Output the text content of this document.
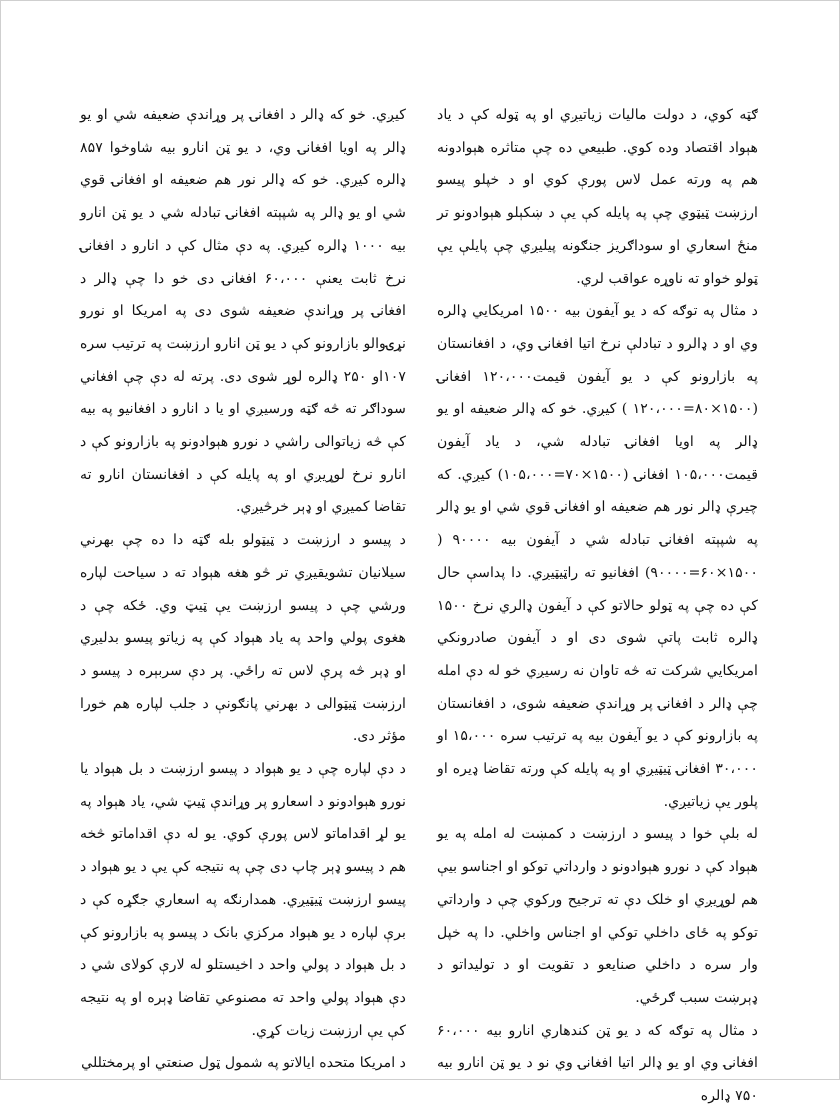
ګټه کوي، د دولت مالیات زیاتیږي او په ټوله کې د یاد هېواد اقتصاد وده کوي. طبیعي ده چې متاثره هېوادونه هم په ورته عمل لاس پورې کوي او د خپلو پیسو ارزښت ټیټوي چې په پایله کې یې د ښکېلو هېوادونو تر منځ اسعاري او سوداګریز جنګونه پیلیږي چې پایلې یې ټولو خواو ته ناوړه عواقب لري.

د مثال په توګه که د یو آیفون بیه ۱۵۰۰ امریکایي ډالره وي او د ډالرو د تبادلې نرخ اتیا افغانۍ وي، د افغانستان په بازارونو کې د یو آیفون قیمت۱۲۰،۰۰۰ افغانۍ (۱۵۰۰×۸۰=۱۲۰،۰۰۰ ) کیږي. خو که ډالر ضعیفه او یو ډالر په اویا افغانۍ تبادله شي، د یاد آیفون قیمت۱۰۵،۰۰۰ افغانۍ (۱۵۰۰×۷۰=۱۰۵،۰۰۰) کیږي. که چیرې ډالر نور هم ضعیفه او افغانۍ قوي شي او یو ډالر په شپېته افغانۍ تبادله شي د آیفون بیه ۹۰۰۰۰ ( ۱۵۰۰×۶۰=۹۰۰۰۰) افغانیو ته راټیټیږي. دا پداسې حال کې ده چې په ټولو حالاتو کې د آیفون ډالري نرخ ۱۵۰۰ ډالره ثابت پاتې شوی دی او د آیفون صادرونکي امریکایي شرکت ته څه تاوان نه رسیږي خو له دې امله چې ډالر د افغانۍ پر وړاندې ضعیفه شوی، د افغانستان په بازارونو کې د یو آیفون بیه په ترتیب سره ۱۵،۰۰۰ او ۳۰،۰۰۰ افغانۍ ټیټیږي او په پایله کې ورته تقاضا ډیره او پلور یې زیاتیږي.

له بلې خوا د پیسو د ارزښت د کمښت له امله په یو هېواد کې د نورو هېوادونو د وارداتي توکو او اجناسو بیې هم لوړیږي او خلک دې ته ترجیح ورکوي چې د وارداتي توکو په ځای داخلي توکي او اجناس واخلي. دا په خپل وار سره د داخلي صنایعو د تقویت او د تولیداتو د ډېرښت سبب ګرځي.

د مثال په توګه که د یو ټن کندهاري انارو بیه ۶۰،۰۰۰ افغانۍ وي او یو ډالر اتیا افغانۍ وي نو د یو ټن انارو بیه ۷۵۰ ډالره

کیږي. خو که ډالر د افغانۍ پر وړاندې ضعیفه شي او یو ډالر په اویا افغانۍ وي، د یو ټن انارو بیه شاوخوا ۸۵۷ ډالره کیږي. خو که ډالر نور هم ضعیفه او افغانۍ قوي شي او یو ډالر په شپېته افغانۍ تبادله شي د یو ټن انارو بیه ۱۰۰۰ ډالره کیږي. په دې مثال کې د انارو د افغانۍ نرخ ثابت یعنې ۶۰،۰۰۰ افغانۍ دی خو دا چې ډالر د افغانۍ پر وړاندې ضعیفه شوی دی په امریکا او نورو نړۍوالو بازارونو کې د یو ټن انارو ارزښت په ترتیب سره ۱۰۷او ۲۵۰ ډالره لوړ شوی دی. پرته له دې چې افغاني سوداګر ته څه ګټه ورسیږي او یا د انارو د افغانیو په بیه کې څه زیاتوالی راشي د نورو هېوادونو په بازارونو کې د انارو نرخ لوړیږي او په پایله کې د افغانستان انارو ته تقاضا کمیږي او ډېر خرڅیږي.

د پیسو د ارزښت د ټیټولو بله ګټه دا ده چې بهرني سیلانیان تشویقیږي تر څو هغه هېواد ته د سیاحت لپاره ورشي چې د پیسو ارزښت یې ټیټ وي. ځکه چې د هغوی پولي واحد په یاد هېواد کې په زیاتو پیسو بدلیږي او ډېر څه پرې لاس ته راځي. پر دې سربېره د پیسو د ارزښت ټیټوالی د بهرني پانګونې د جلب لپاره هم خورا مؤثر دی.

د دې لپاره چې د یو هېواد د پیسو ارزښت د بل هېواد یا نورو هېوادونو د اسعارو پر وړاندې ټیټ شي، یاد هېواد په یو لړ اقداماتو لاس پورې کوي. یو له دې اقداماتو څخه هم د پیسو ډېر چاپ دی چې په نتیجه کې یې د یو هېواد د پیسو ارزښت ټیټیږي. همدارنګه په اسعاري جګړه کې د برې لپاره د یو هېواد مرکزي بانک د پیسو په بازارونو کې د بل هېواد د پولي واحد د اخیستلو له لارې کولای شي د دې هېواد پولي واحد ته مصنوعي تقاضا ډېره او په نتیجه کې یې ارزښت زیات کړي.

د امریکا متحده ایالاتو په شمول ټول صنعتي او پرمختللي
